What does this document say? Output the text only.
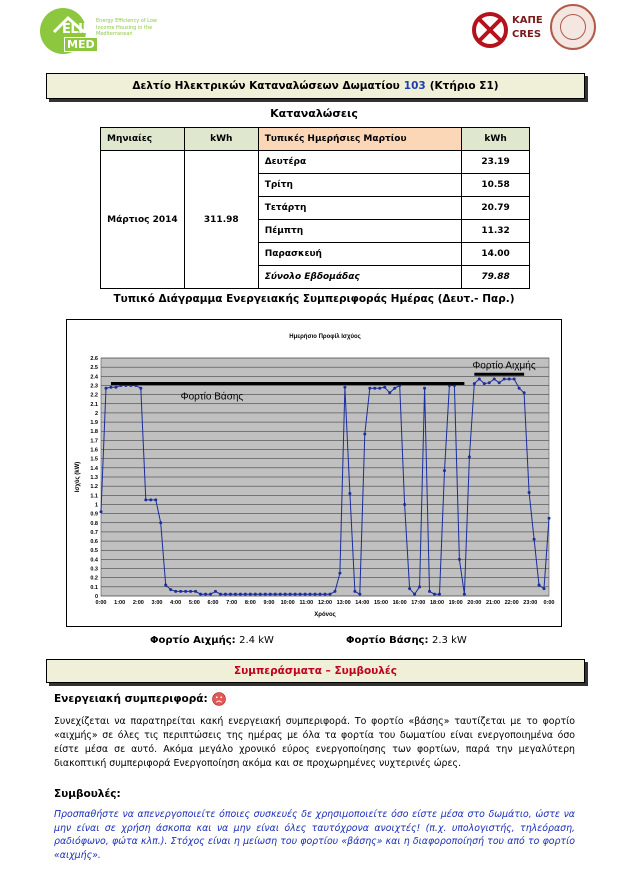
ELIH
MED
Energy Efficiency of Low Income Housing in the Mediterranean
ΚΑΠΕ
CRES
Δελτίο Ηλεκτρικών Καταναλώσεων Δωματίου 103 (Κτήριο Σ1)
Καταναλώσεις
Μηνιαίες	kWh	Τυπικές Ημερήσιες Μαρτίου	kWh
Μάρτιος 2014	311.98	Δευτέρα	23.19
		Τρίτη	10.58
		Τετάρτη	20.79
		Πέμπτη	11.32
		Παρασκευή	14.00
		Σύνολο Εβδομάδας	79.88
Τυπικό Διάγραμμα Ενεργειακής Συμπεριφοράς Ημέρας (Δευτ.- Παρ.)
0
0.1
0.2
0.3
0.4
0.5
0.6
0.7
0.8
0.9
1
1.1
1.2
1.3
1.4
1.5
1.6
1.7
1.8
1.9
2
2.1
2.2
2.3
2.4
2.5
2.6
0:00 1:00 2:00 3:00 4:00 5:00 6:00 7:00 8:00 9:00 10:00 11:00 12:00 13:00 14:00 15:00 16:00 17:00 18:00 19:00 20:00 21:00 22:00 23:00 0:00
Φορτίο Βάσης
Φορτίο Αιχμής
Ημερήσιο Προφίλ Ισχύος
Χρόνος
Ισχύς (kW)
Φορτίο Αιχμής: 2.4 kW	Φορτίο Βάσης: 2.3 kW
Συμπεράσματα – Συμβουλές
Ενεργειακή συμπεριφορά:
Συνεχίζεται να παρατηρείται κακή ενεργειακή συμπεριφορά. Το φορτίο «βάσης» ταυτίζεται με το φορτίο «αιχμής» σε όλες τις περιπτώσεις της ημέρας με όλα τα φορτία του δωματίου είναι ενεργοποιημένα όσο είστε μέσα σε αυτό. Ακόμα μεγάλο χρονικό εύρος ενεργοποίησης των φορτίων, παρά την μεγαλύτερη διακοπτική συμπεριφορά Ενεργοποίηση ακόμα και σε προχωρημένες νυχτερινές ώρες.
Συμβουλές:
Προσπαθήστε να απενεργοποιείτε όποιες συσκευές δε χρησιμοποιείτε όσο είστε μέσα στο δωμάτιο, ώστε να μην είναι σε χρήση άσκοπα και να μην είναι όλες ταυτόχρονα ανοιχτές! (π.χ. υπολογιστής, τηλεόραση, ραδιόφωνο, φώτα κλπ.). Στόχος είναι η μείωση του φορτίου «βάσης» και η διαφοροποίησή του από το φορτίο «αιχμής».
